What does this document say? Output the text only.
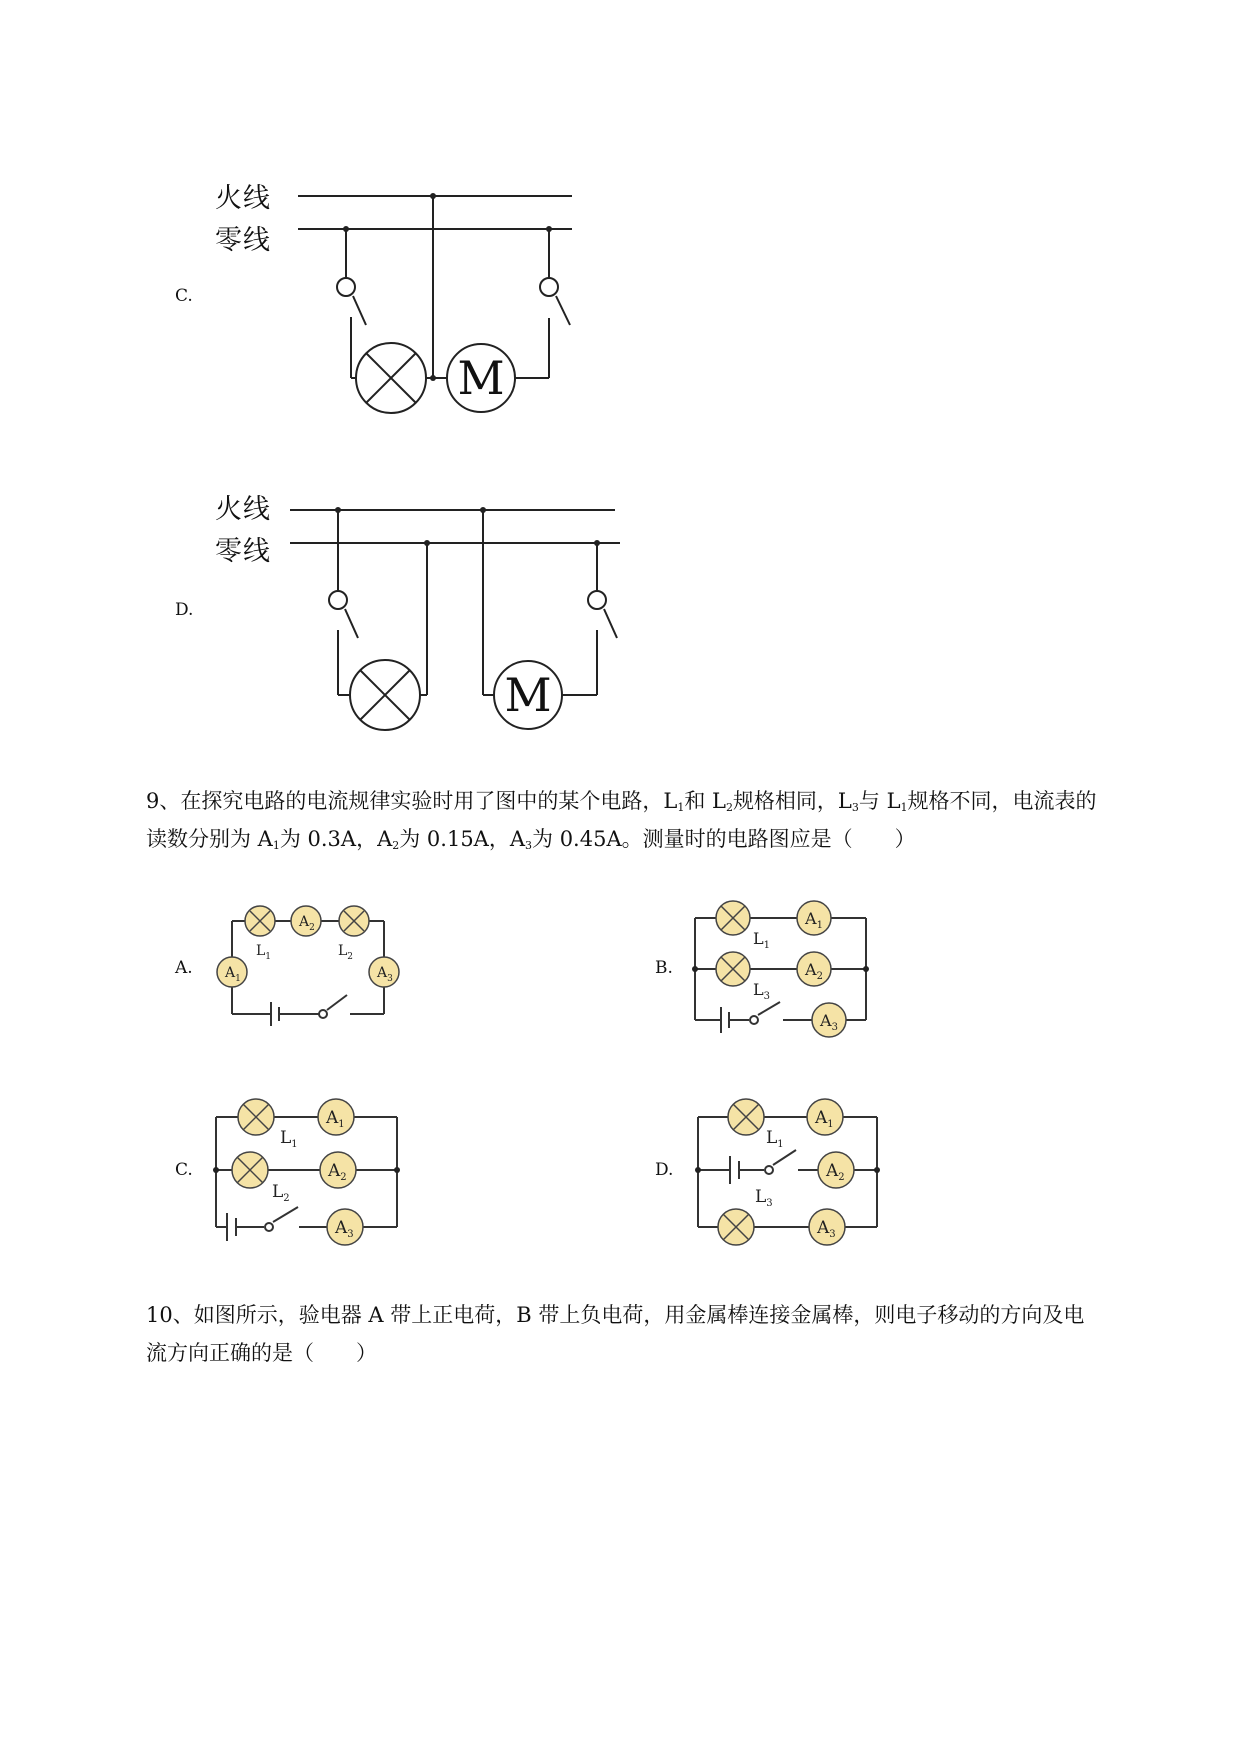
C.
火线
零线
M
D.
火线
零线
M
9、在探究电路的电流规律实验时用了图中的某个电路，$L_1$和 $L_2$规格相同，$L_3$与 $L_1$规格不同，电流表的
读数分别为 $A_1$为 0.3A，$A_2$为 0.15A，$A_3$为 0.45A。测量时的电路图应是（　　）
A.	B.
C.	D.
$A_2$
$A_1$	$A_3$
$L_1$	$L_2$
$A_1$
$A_2$
$A_3$
$L_1$
$L_3$
$A_1$
$A_2$
$A_3$
$L_1$
$L_2$
$A_1$
$A_2$
$A_3$
$L_1$
$L_3$
10、如图所示，验电器 A 带上正电荷，B 带上负电荷，用金属棒连接金属棒，则电子移动的方向及电
流方向正确的是（　　）
